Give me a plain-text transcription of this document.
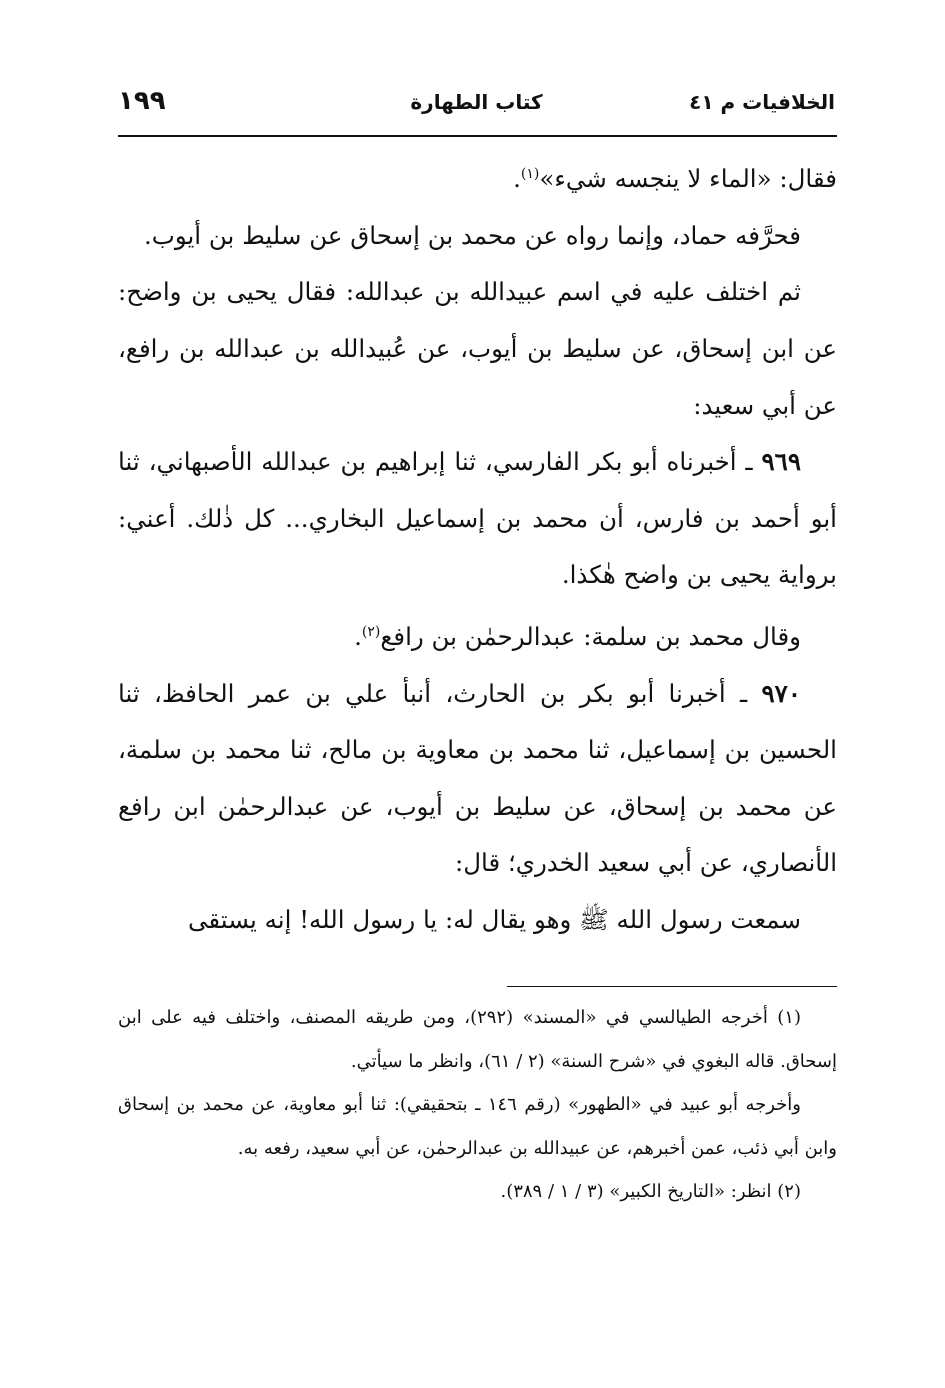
الخلافيات م ٤١
كتاب الطهارة
١٩٩

فقال: «الماء لا ينجسه شيء»$^{(١)}$.

فحرَّفه حماد، وإنما رواه عن محمد بن إسحاق عن سليط بن أيوب.

ثم اختلف عليه في اسم عبيدالله بن عبدالله: فقال يحيى بن واضح: عن ابن إسحاق، عن سليط بن أيوب، عن عُبيدالله بن عبدالله بن رافع، عن أبي سعيد:

٩٦٩ ـ أخبرناه أبو بكر الفارسي، ثنا إبراهيم بن عبدالله الأصبهاني، ثنا أبو أحمد بن فارس، أن محمد بن إسماعيل البخاري... كل ذٰلك. أعني: برواية يحيى بن واضح هٰكذا.

وقال محمد بن سلمة: عبدالرحمٰن بن رافع$^{(٢)}$.

٩٧٠ ـ أخبرنا أبو بكر بن الحارث، أنبأ علي بن عمر الحافظ، ثنا الحسين بن إسماعيل، ثنا محمد بن معاوية بن مالح، ثنا محمد بن سلمة، عن محمد بن إسحاق، عن سليط بن أيوب، عن عبدالرحمٰن ابن رافع الأنصاري، عن أبي سعيد الخدري؛ قال:

سمعت رسول الله ﷺ وهو يقال له: يا رسول الله! إنه يستقى

(١) أخرجه الطيالسي في «المسند» (٢٩٢)، ومن طريقه المصنف، واختلف فيه على ابن إسحاق. قاله البغوي في «شرح السنة» (٢ / ٦١)، وانظر ما سيأتي.

وأخرجه أبو عبيد في «الطهور» (رقم ١٤٦ ـ بتحقيقي): ثنا أبو معاوية، عن محمد بن إسحاق وابن أبي ذئب، عمن أخبرهم، عن عبيدالله بن عبدالرحمٰن، عن أبي سعيد، رفعه به.

(٢) انظر: «التاريخ الكبير» (٣ / ١ / ٣٨٩).
